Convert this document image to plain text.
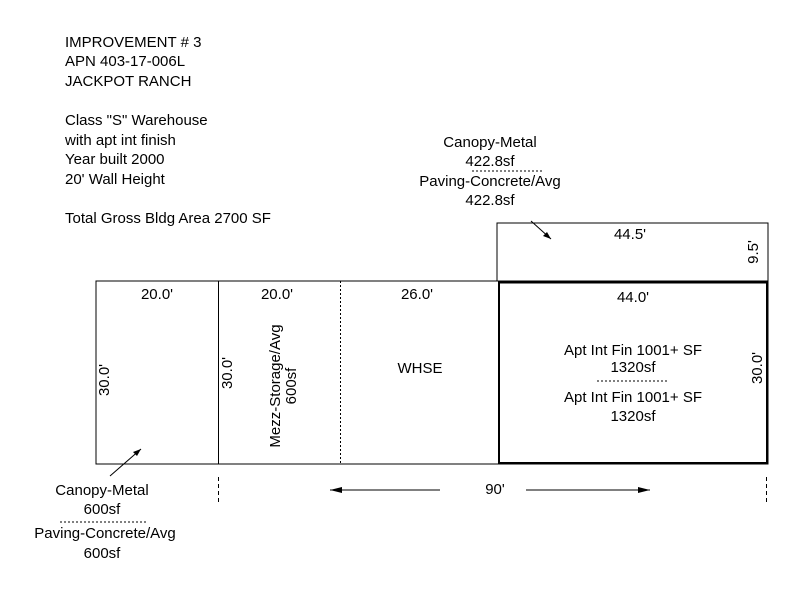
IMPROVEMENT # 3
APN 403-17-006L
JACKPOT RANCH
Class "S" Warehouse
with apt int finish
Year built 2000
20' Wall Height
Total Gross Bldg Area 2700 SF
Canopy-Metal
422.8sf
Paving-Concrete/Avg
422.8sf
44.5'
9.5'
20.0'
30.0'
20.0'
30.0' Mezz-Storage/Avg
600sf
26.0'
WHSE
44.0'
30.0'
Apt Int Fin 1001+ SF
1320sf
Apt Int Fin 1001+ SF
1320sf
90'
Canopy-Metal
600sf
Paving-Concrete/Avg
600sf
